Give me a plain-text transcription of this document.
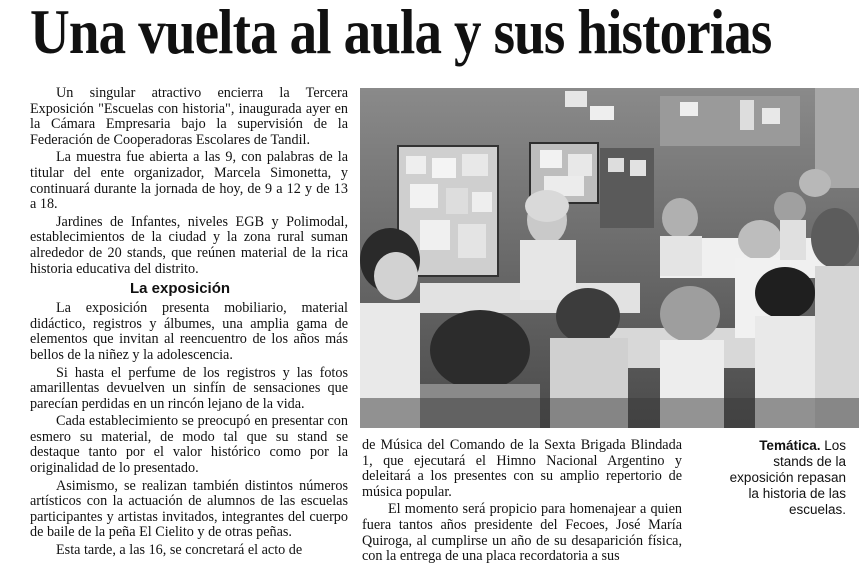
Una vuelta al aula y sus historias

Un singular atractivo encierra la Tercera Exposición "Escuelas con historia", inaugurada ayer en la Cámara Empresaria bajo la supervisión de la Federación de Cooperadoras Escolares de Tandil.

La muestra fue abierta a las 9, con palabras de la titular del ente organizador, Marcela Simonetta, y continuará durante la jornada de hoy, de 9 a 12 y de 13 a 18.

Jardines de Infantes, niveles EGB y Polimodal, establecimientos de la ciudad y la zona rural suman alrededor de 20 stands, que reúnen material de la rica historia educativa del distrito.

La exposición

La exposición presenta mobiliario, material didáctico, registros y álbumes, una amplia gama de elementos que invitan al reencuentro de los años más bellos de la niñez y la adolescencia.

Si hasta el perfume de los registros y las fotos amarillentas devuelven un sinfín de sensaciones que parecían perdidas en un rincón lejano de la vida.

Cada establecimiento se preocupó en presentar con esmero su material, de modo tal que su stand se destaque tanto por el valor histórico como por la originalidad de lo presentado.

Asimismo, se realizan también distintos números artísticos con la actuación de alumnos de las escuelas participantes y artistas invitados, integrantes del cuerpo de baile de la peña El Cielito y de otras peñas.

Esta tarde, a las 16, se concretará el acto de

de Música del Comando de la Sexta Brigada Blindada 1, que ejecutará el Himno Nacional Argentino y deleitará a los presentes con su amplio repertorio de música popular.

El momento será propicio para homenajear a quien fuera tantos años presidente del Fecoes, José María Quiroga, al cumplirse un año de su desaparición física, con la entrega de una placa recordatoria a sus

Temática. Los stands de la exposición repasan la historia de las escuelas.
